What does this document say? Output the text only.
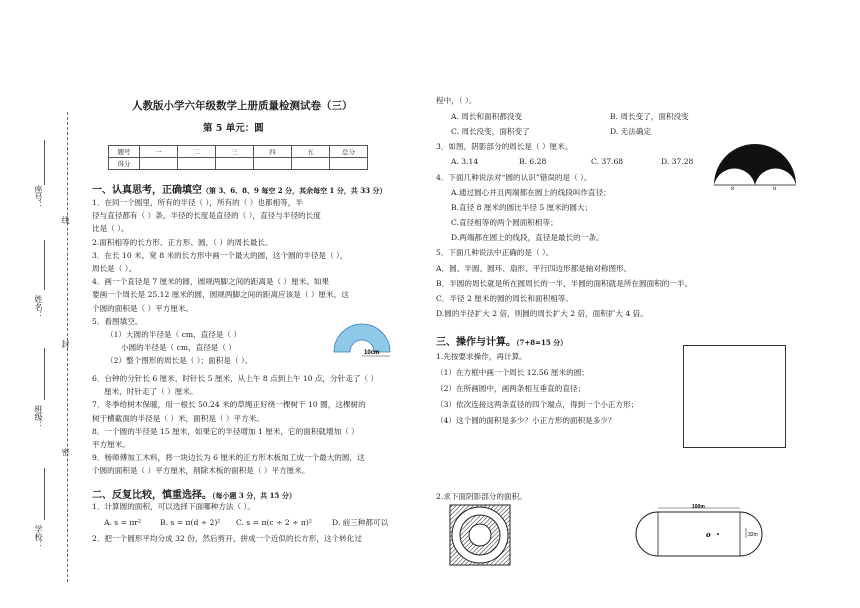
座号：
线
姓名：
封
班级：
密
学校：
人教版小学六年级数学上册质量检测试卷（三）
第 5 单元：圆
题号	一	二	三	四	五	总分
得分						
一、认真思考，正确填空（第 3、6、8、9 每空 2 分，其余每空 1 分，共 33 分）
1．在同一个圆里，所有的半径（ ），所有的（ ）也都相等，半
径与直径都有（ ）条，半径的长度是直径的（ ），直径与半径的长度
比是（ ）。
2.面积相等的长方形、正方形、圆，（ ）的周长最长。
3．在长 10 米，宽 8 米的长方形中画一个最大的圆，这个圆的半径是（ ），
周长是（ ）。
4．画一个直径是 7 厘米的圆，圆规两脚之间的距离是（ ）厘米。如果
要画一个周长是 25.12 厘米的圆，圆规两脚之间的距离应该是（ ）厘米，这
个圆的面积是（ ）平方厘米。
5．看图填空。
（1）大圆的半径是（ cm，直径是（ ）
小圆的半径是（ cm，直径是（ ）
（2）整个图形的周长是（ ）；面积是（ ）。
10cm
6．台钟的分针长 6 厘米，时针长 5 厘米，从上午 8 点到上午 10 点，分针走了（ ）
厘米，时针走了（ ）厘米。
7．冬季给树木保暖，用一根长 50.24 米的草绳正好绕一棵树干 10 圈，这棵树的
树干横截面的半径是（ ）米，面积是（ ）平方米。
8．一个圆的半径是 15 厘米，如果它的半径增加 1 厘米，它的面积就增加（ ）
平方厘米。
9．杨师傅加工木料，将一块边长为 6 厘米的正方形木板加工成一个最大的圆，这
个圆的面积是（ ）平方厘米，削除木板的面积是（ ）平方厘米。
二、反复比较，慎重选择。（每小题 3 分，共 15 分）
1．计算圆的面积，可以选择下面哪种方法（ ）。
A. s = πr² B. s = π(d ÷ 2)² C. s = π(c ÷ 2 ÷ π)²	D. 前三种都可以
2．把一个圆形平均分成 32 份，然后剪开，拼成一个近似的长方形，这个转化过
程中，（ ）。
A. 周长和面积都没变	B. 周长变了，面积没变
C. 周长没变，面积变了	D. 无法确定
3．如图，阴影部分的周长是（ ）厘米。
A. 3.14	B. 6.28	C. 37.68	D. 37.28
8	8
4．下面几种说法对“圆的认识”错误的是（ ）。
A.通过圆心并且两端都在圆上的线段叫作直径；
B.直径 8 厘米的圆比半径 5 厘米的圆大；
C.直径相等的两个圆面积相等；
D.两端都在圆上的线段，直径是最长的一条。
5．下面几种说法中正确的是（ ）。
A．圆、半圆、圆环、扇形、平行四边形都是轴对称图形。
B．半圆的周长就是所在圆周长的一半，半圆的面积就是所在圆面积的一半。
C．半径 2 厘米的圆的周长和面积相等。
D.圆的半径扩大 2 倍，则圆的周长扩大 2 倍，面积扩大 4 倍。
三、操作与计算。（7+8=15 分）
1.先按要求操作，再计算。
（1）在方框中画一个周长 12.56 厘米的圆；
（2）在所画圆中，画两条相互垂直的直径；
（3）依次连接这两条直径的四个端点，得到一个小正方形；
（4）这个圆的面积是多少？小正方形的面积是多少？
2.求下面阴影部分的面积。
100m
32m
o
